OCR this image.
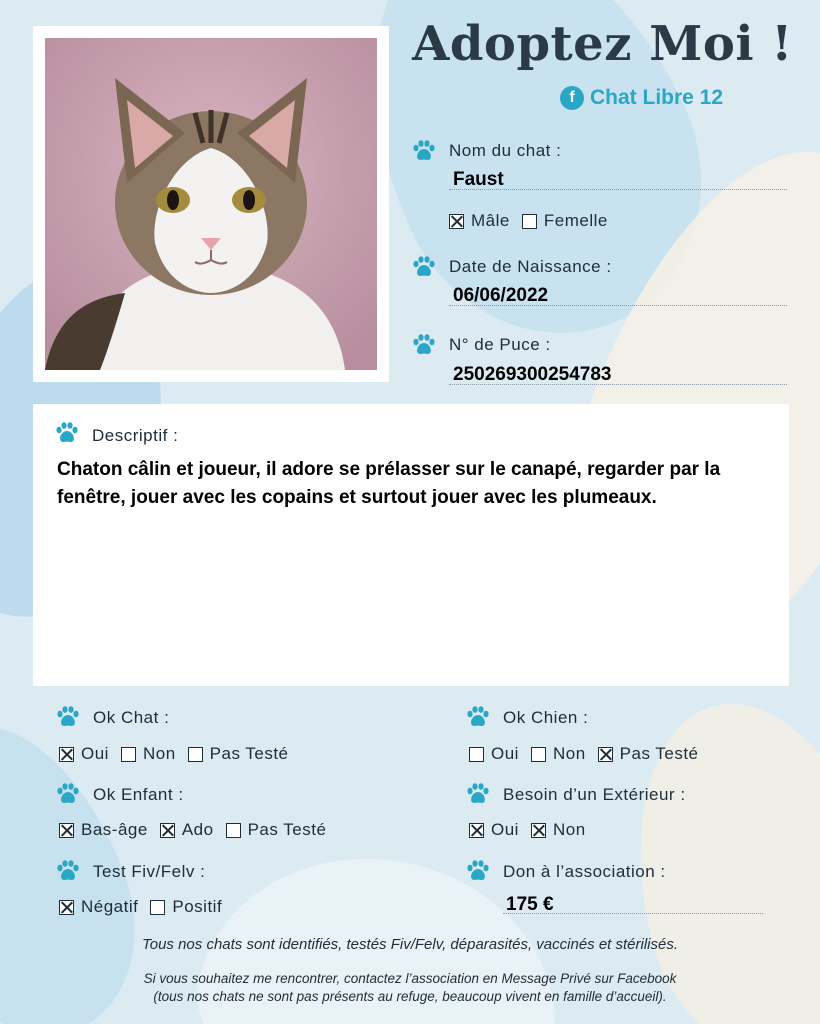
Adoptez Moi !
f Chat Libre 12
Nom du chat :
Faust
Mâle Femelle
Date de Naissance :
06/06/2022
N° de Puce :
250269300254783
Descriptif :
Chaton câlin et joueur, il adore se prélasser sur le canapé, regarder par la fenêtre, jouer avec les copains et surtout jouer avec les plumeaux.
Ok Chat :
Oui Non Pas Testé
Ok Chien :
Oui Non Pas Testé
Ok Enfant :
Bas-âge Ado Pas Testé
Besoin d’un Extérieur :
Oui Non
Test Fiv/Felv :
Négatif Positif
Don à l’association :
175 €
Tous nos chats sont identifiés, testés Fiv/Felv, déparasités, vaccinés et stérilisés.
Si vous souhaitez me rencontrer, contactez l’association en Message Privé sur Facebook
(tous nos chats ne sont pas présents au refuge, beaucoup vivent en famille d’accueil).
